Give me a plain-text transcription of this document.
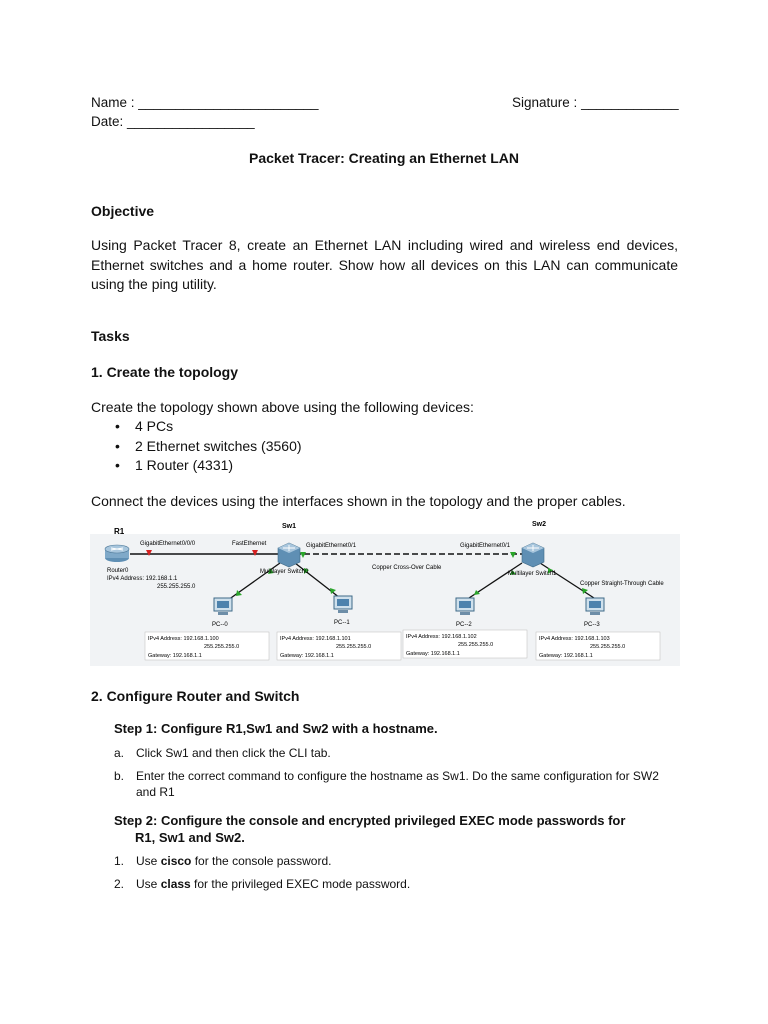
Name : ________________________	Signature : _____________
Date: _________________
Packet Tracer: Creating an Ethernet LAN
Objective
Using Packet Tracer 8, create an Ethernet LAN including wired and wireless end devices, Ethernet switches and a home router. Show how all devices on this LAN can communicate using the ping utility.
Tasks
1. Create the topology
Create the topology shown above using the following devices:
• 4 PCs
• 2 Ethernet switches (3560)
• 1 Router (4331)
Connect the devices using the interfaces shown in the topology and the proper cables.
R1
Sw1	Sw2
GigabitEthernet0/0/0	FastEthernet	GigabitEthernet0/1	GigabitEthernet0/1
Copper Cross-Over Cable
Copper Straight-Through Cable
Router0
IPv4 Address: 192.168.1.1
255.255.255.0
Multilayer Switch0	Multilayer Switch1
PC--0	PC--1	PC--2	PC--3
IPv4 Address: 192.168.1.100
255.255.255.0
Gateway: 192.168.1.1
IPv4 Address: 192.168.1.101
255.255.255.0
Gateway: 192.168.1.1
IPv4 Address: 192.168.1.102
255.255.255.0
Gateway: 192.168.1.1
IPv4 Address: 192.168.1.103
255.255.255.0
Gateway: 192.168.1.1
2. Configure Router and Switch
Step 1: Configure R1,Sw1 and Sw2 with a hostname.
a. Click Sw1 and then click the CLI tab.
b. Enter the correct command to configure the hostname as Sw1. Do the same configuration for SW2 and R1
Step 2: Configure the console and encrypted privileged EXEC mode passwords for
R1, Sw1 and Sw2.
1. Use cisco for the console password.
2. Use class for the privileged EXEC mode password.
